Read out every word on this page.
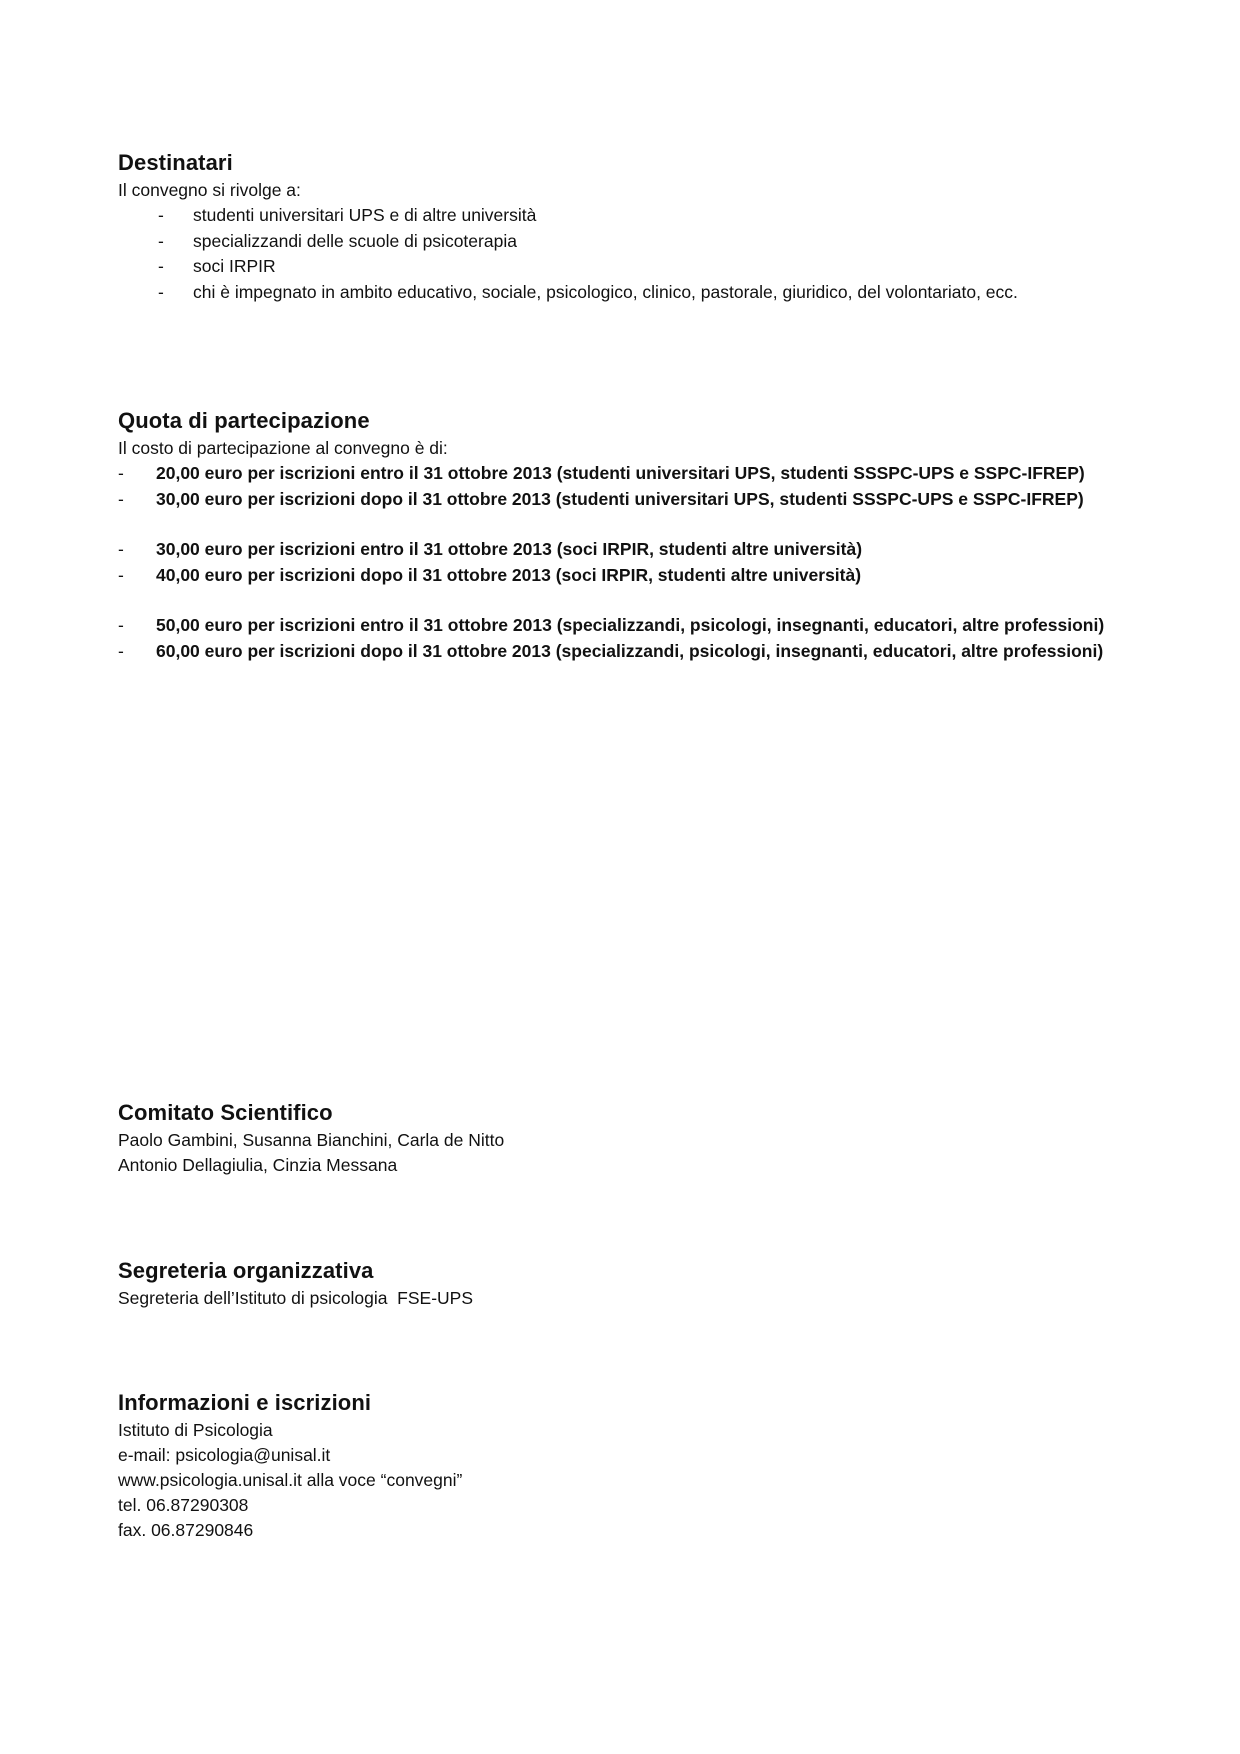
Destinatari
Il convegno si rivolge a:
-	studenti universitari UPS e di altre università
-	specializzandi delle scuole di psicoterapia
-	soci IRPIR
-	chi è impegnato in ambito educativo, sociale, psicologico, clinico, pastorale, giuridico, del volontariato, ecc.
Quota di partecipazione
Il costo di partecipazione al convegno è di:
- 20,00 euro per iscrizioni entro il 31 ottobre 2013 (studenti universitari UPS, studenti SSSPC-UPS e SSPC-IFREP)
- 30,00 euro per iscrizioni dopo il 31 ottobre 2013 (studenti universitari UPS, studenti SSSPC-UPS e SSPC-IFREP)
- 30,00 euro per iscrizioni entro il 31 ottobre 2013 (soci IRPIR, studenti altre università)
- 40,00 euro per iscrizioni dopo il 31 ottobre 2013 (soci IRPIR, studenti altre università)
- 50,00 euro per iscrizioni entro il 31 ottobre 2013 (specializzandi, psicologi, insegnanti, educatori, altre professioni)
- 60,00 euro per iscrizioni dopo il 31 ottobre 2013 (specializzandi, psicologi, insegnanti, educatori, altre professioni)
Comitato Scientifico
Paolo Gambini, Susanna Bianchini, Carla de Nitto
Antonio Dellagiulia, Cinzia Messana
Segreteria organizzativa
Segreteria dell’Istituto di psicologia  FSE-UPS
Informazioni e iscrizioni
Istituto di Psicologia
e-mail: psicologia@unisal.it
www.psicologia.unisal.it alla voce “convegni”
tel. 06.87290308
fax. 06.87290846
